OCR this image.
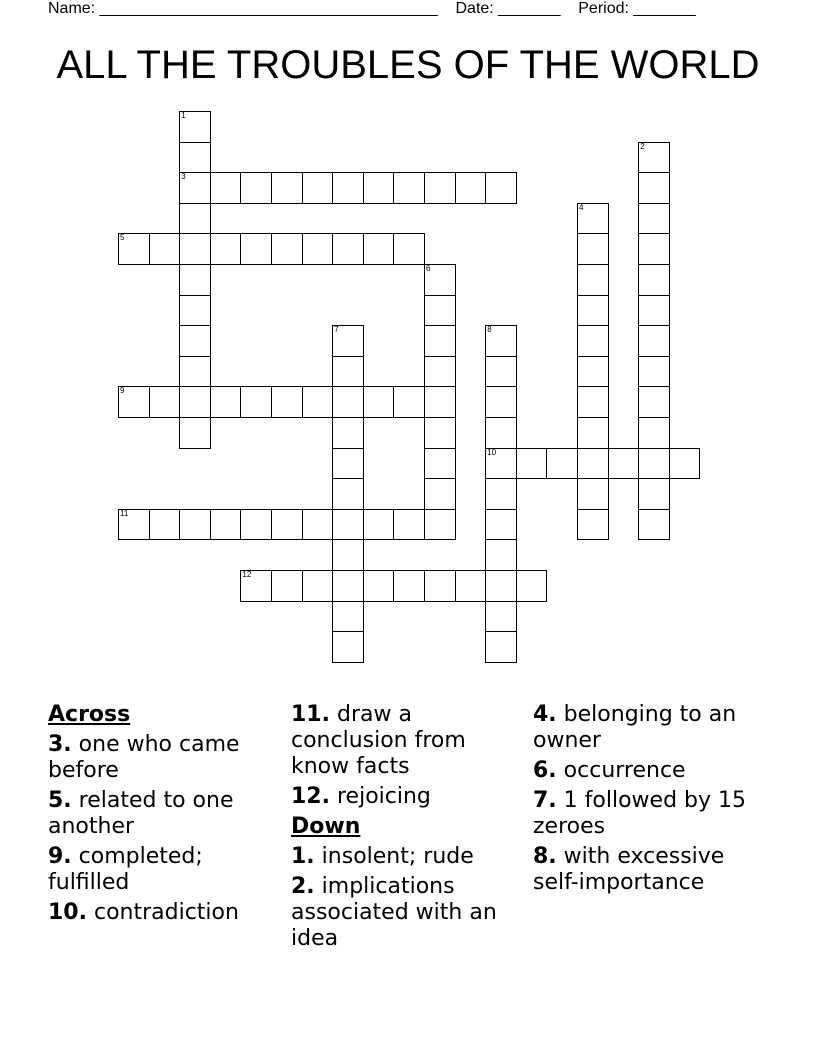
Name: ______________________________________    Date: _______    Period: _______
ALL THE TROUBLES OF THE WORLD
1
3
2
4
5
6
7	8
10
9
11
12
Across
3. one who came before
5. related to one another
9. completed; fulfilled
10. contradiction
11. draw a conclusion from know facts
12. rejoicing
Down
1. insolent; rude
2. implications associated with an idea
4. belonging to an owner
6. occurrence
7. 1 followed by 15 zeroes
8. with excessive self-importance
